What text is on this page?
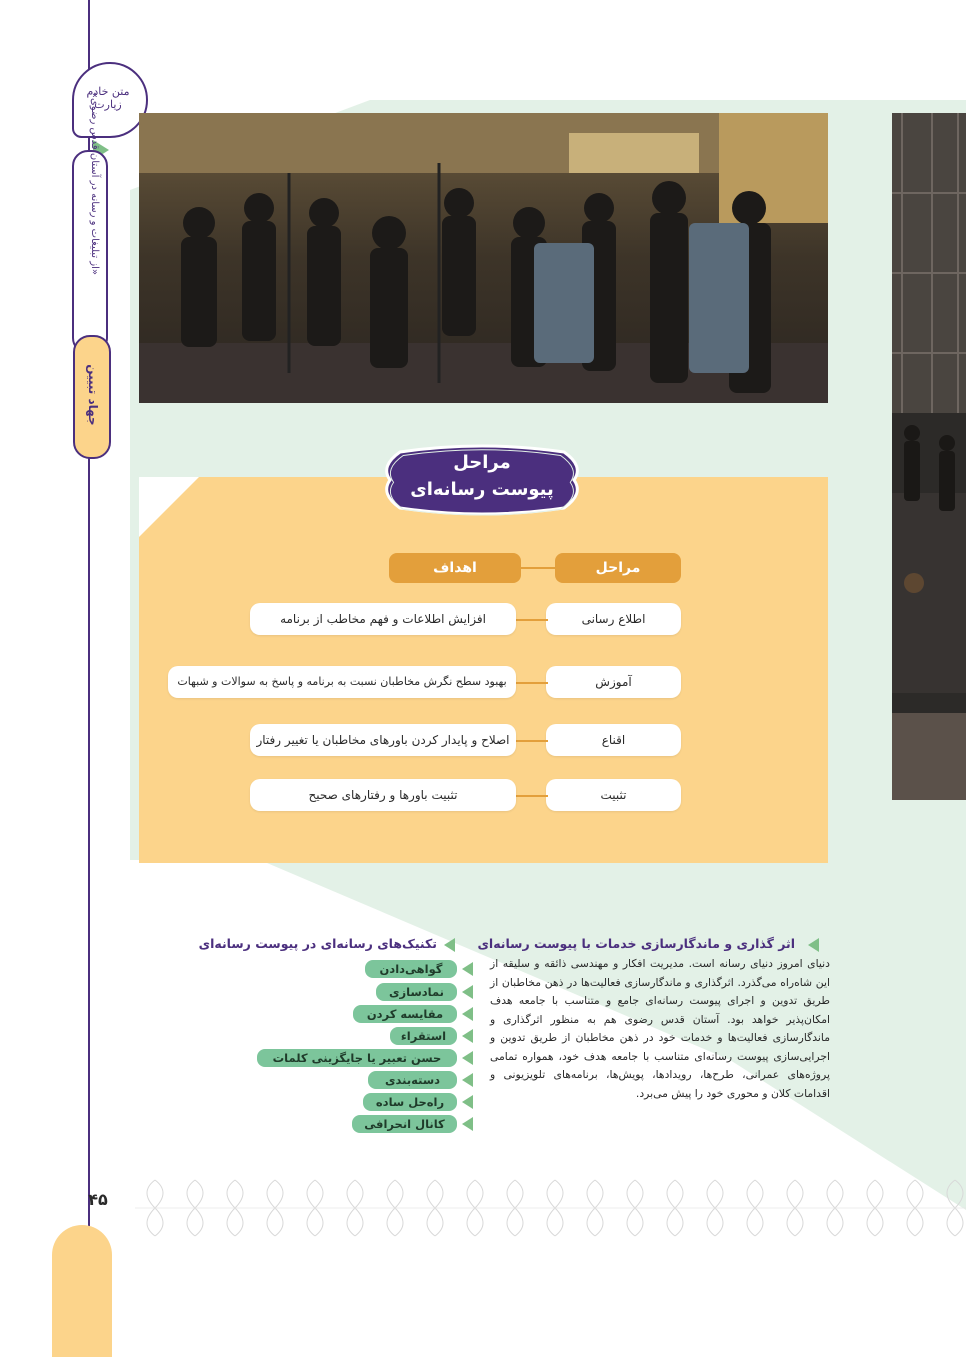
متن خادم زیارت
جهاد تبیین
۴۵
مراحل
پیوست رسانه‌ای
مراحل
اهداف
اطلاع رسانی
افزایش اطلاعات و فهم مخاطب از برنامه
آموزش
بهبود سطح نگرش مخاطبان نسبت به برنامه و پاسخ به سوالات و شبهات
اقناع
اصلاح و پایدار کردن باورهای مخاطبان یا تغییر رفتار
تثبیت
تثبیت باورها و رفتارهای صحیح
اثر گذاری و ماندگارسازی خدمات با پیوست رسانه‌ای
دنیای امروز دنیای رسانه است. مدیریت افکار و مهندسی ذائقه و سلیقه از این شاه‌راه می‌گذرد. اثرگذاری و ماندگارسازی فعالیت‌ها در ذهن مخاطبان از طریق تدوین و اجرای پیوست رسانه‌ای جامع و متناسب با جامعه هدف امکان‌پذیر خواهد بود. آستان قدس رضوی هم به منظور اثرگذاری و ماندگارسازی فعالیت‌ها و خدمات خود در ذهن مخاطبان از طریق تدوین و اجرایی‌سازی پیوست رسانه‌ای متناسب با جامعه هدف خود، همواره تمامی پروژه‌های عمرانی، طرح‌ها، رویدادها، پویش‌ها، برنامه‌های تلویزیونی و اقدامات کلان و محوری خود را پیش می‌برد.
تکنیک‌های رسانه‌ای در پیوست رسانه‌ای
گواهی‌دادن
نمادسازی
مقایسه کردن
استقراء
حسن تعبیر یا جایگزینی کلمات
دسته‌بندی
راه‌حل ساده
کانال انحرافی
